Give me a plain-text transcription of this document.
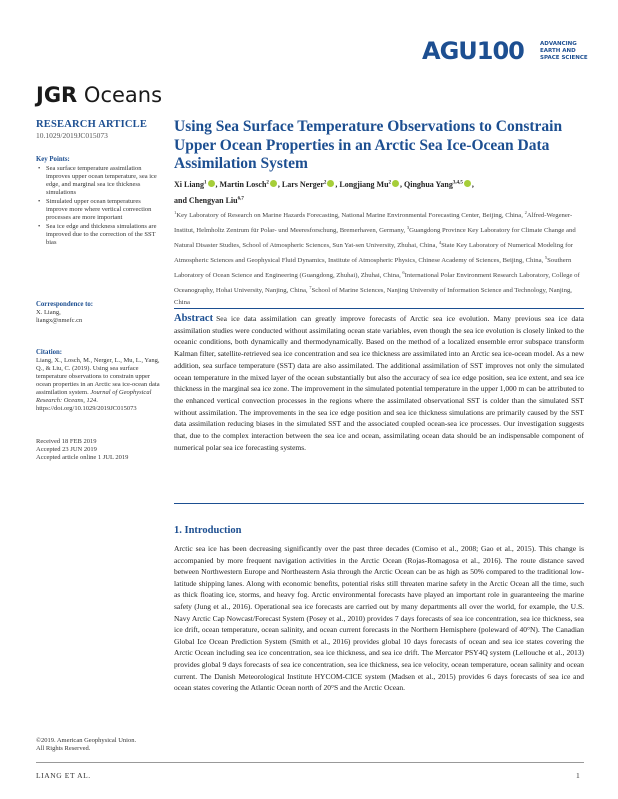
AGU100	ADVANCING
EARTH AND
SPACE SCIENCE
JGR Oceans
RESEARCH ARTICLE
10.1029/2019JC015073
Key Points:
• Sea surface temperature assimilation improves upper ocean temperature, sea ice edge, and marginal sea ice thickness simulations
• Simulated upper ocean temperatures improve more where vertical convection processes are more important
• Sea ice edge and thickness simulations are improved due to the correction of the SST bias
Correspondence to:
X. Liang,
liangx@nmefc.cn
Citation:
Liang, X., Losch, M., Nerger, L., Mu, L., Yang, Q., & Liu, C. (2019). Using sea surface temperature observations to constrain upper ocean properties in an Arctic sea ice-ocean data assimilation system. Journal of Geophysical Research: Oceans, 124. https://doi.org/10.1029/2019JC015073
Received 18 FEB 2019
Accepted 23 JUN 2019
Accepted article online 1 JUL 2019
©2019. American Geophysical Union.
All Rights Reserved.
Using Sea Surface Temperature Observations to Constrain Upper Ocean Properties in an Arctic Sea Ice-Ocean Data Assimilation System
Xi Liang$^1$ , Martin Losch$^2$ , Lars Nerger$^2$ , Longjiang Mu$^2$ , Qinghua Yang$^{3,4,5}$ ,
and Chengyan Liu$^{6,7}$
$^1$Key Laboratory of Research on Marine Hazards Forecasting, National Marine Environmental Forecasting Center, Beijing, China, $^2$Alfred-Wegener-Institut, Helmholtz Zentrum für Polar- und Meeresforschung, Bremerhaven, Germany, $^3$Guangdong Province Key Laboratory for Climate Change and Natural Disaster Studies, School of Atmospheric Sciences, Sun Yat-sen University, Zhuhai, China, $^4$State Key Laboratory of Numerical Modeling for Atmospheric Sciences and Geophysical Fluid Dynamics, Institute of Atmospheric Physics, Chinese Academy of Sciences, Beijing, China, $^5$Southern Laboratory of Ocean Science and Engineering (Guangdong, Zhuhai), Zhuhai, China, $^6$International Polar Environment Research Laboratory, College of Oceanography, Hohai University, Nanjing, China, $^7$School of Marine Sciences, Nanjing University of Information Science and Technology, Nanjing, China
Abstract Sea ice data assimilation can greatly improve forecasts of Arctic sea ice evolution. Many previous sea ice data assimilation studies were conducted without assimilating ocean state variables, even though the sea ice evolution is closely linked to the oceanic conditions, both dynamically and thermodynamically. Based on the method of a localized ensemble error subspace transform Kalman filter, satellite-retrieved sea ice concentration and sea ice thickness are assimilated into an Arctic sea ice-ocean model. As a new addition, sea surface temperature (SST) data are also assimilated. The additional assimilation of SST improves not only the simulated ocean temperature in the mixed layer of the ocean substantially but also the accuracy of sea ice edge position, sea ice extent, and sea ice thickness in the marginal sea ice zone. The improvement in the simulated potential temperature in the upper 1,000 m can be attributed to the enhanced vertical convection processes in the regions where the assimilated observational SST is colder than the simulated SST without assimilation. The improvements in the sea ice edge position and sea ice thickness simulations are primarily caused by the SST data assimilation reducing biases in the simulated SST and the associated coupled ocean-sea ice processes. Our investigation suggests that, due to the complex interaction between the sea ice and ocean, assimilating ocean data should be an indispensable component of numerical polar sea ice forecasting systems.
1. Introduction
Arctic sea ice has been decreasing significantly over the past three decades (Comiso et al., 2008; Gao et al., 2015). This change is accompanied by more frequent navigation activities in the Arctic Ocean (Rojas-Romagosa et al., 2016). The route distance saved between Northwestern Europe and Northeastern Asia through the Arctic Ocean can be as high as 50% compared to the traditional low-latitude shipping lanes. Along with economic benefits, potential risks still threaten marine safety in the Arctic Ocean all the time, such as thick floating ice, storms, and heavy fog. Arctic environmental forecasts have played an important role in guaranteeing the marine safety (Jung et al., 2016). Operational sea ice forecasts are carried out by many departments all over the world, for example, the U.S. Navy Arctic Cap Nowcast/Forecast System (Posey et al., 2010) provides 7 days forecasts of sea ice concentration, sea ice thickness, sea ice drift, ocean temperature, ocean salinity, and ocean current forecasts in the Northern Hemisphere (poleward of 40°N). The Canadian Global Ice Ocean Prediction System (Smith et al., 2016) provides global 10 days forecasts of ocean and sea ice states covering the Arctic Ocean including sea ice concentration, sea ice thickness, and sea ice drift. The Mercator PSY4Q system (Lellouche et al., 2013) provides global 9 days forecasts of sea ice concentration, sea ice thickness, sea ice velocity, ocean temperature, ocean salinity and ocean current. The Danish Meteorological Institute HYCOM-CICE system (Madsen et al., 2015) provides 6 days forecasts of sea ice and ocean states covering the Atlantic Ocean north of 20°S and the Arctic Ocean.
LIANG ET AL.	1
